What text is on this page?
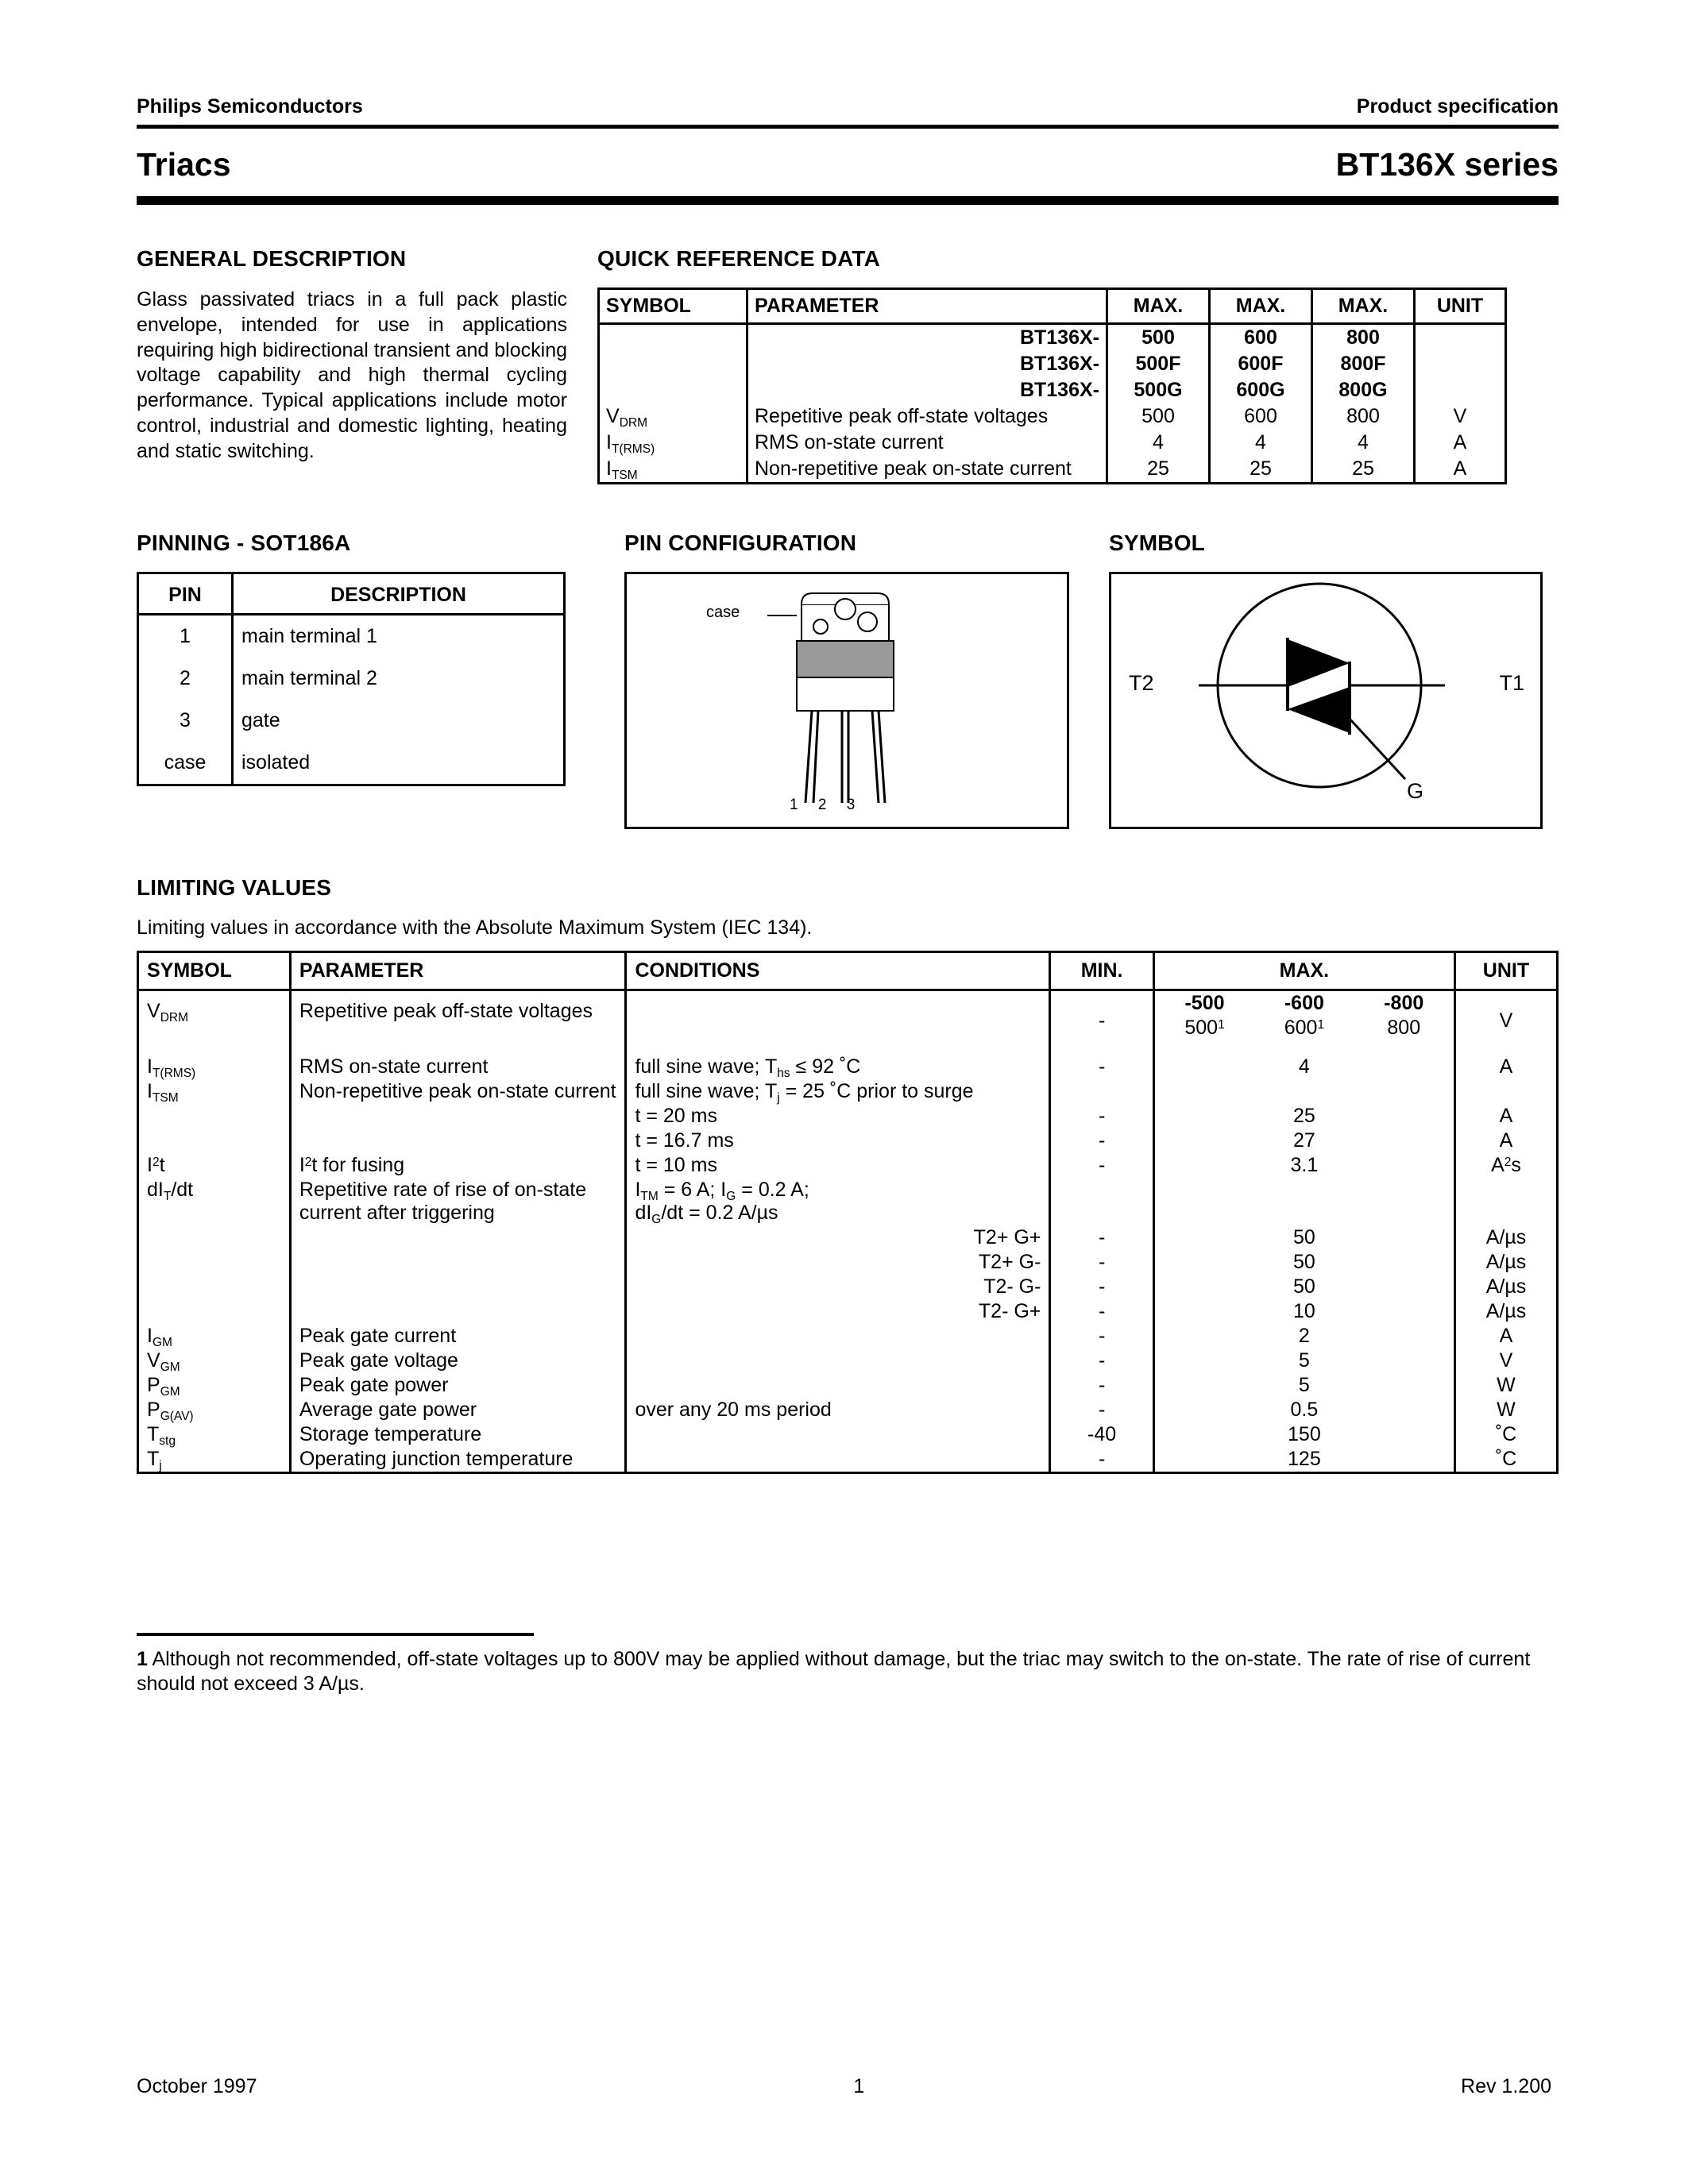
Philips Semiconductors	Product specification
Triacs	BT136X series
GENERAL DESCRIPTION

Glass passivated triacs in a full pack plastic envelope, intended for use in applications requiring high bidirectional transient and blocking voltage capability and high thermal cycling performance. Typical applications include motor control, industrial and domestic lighting, heating and static switching.

QUICK REFERENCE DATA
SYMBOL	PARAMETER	MAX.	MAX.	MAX.	UNIT
	BT136X-	500	600	800	
	BT136X-	500F	600F	800F	
	BT136X-	500G	600G	800G	
$V_{DRM}$	Repetitive peak off-state voltages	500	600	800	V
$I_{T(RMS)}$	RMS on-state current	4	4	4	A
$I_{TSM}$	Non-repetitive peak on-state current	25	25	25	A
PINNING - SOT186A
PIN	DESCRIPTION
1	main terminal 1
2	main terminal 2
3	gate
case	isolated
PIN CONFIGURATION
case
1 2 3
SYMBOL
T2	T1
G
LIMITING VALUES

Limiting values in accordance with the Absolute Maximum System (IEC 134).

SYMBOL	PARAMETER	CONDITIONS	MIN.	MAX.			UNIT
$V_{DRM}$	Repetitive peak off-state voltages		-	-500	-600	-800	V
				$500^1$	$600^1$	800	
$I_{T(RMS)}$	RMS on-state current	full sine wave; $T_{hs} \le 92$ ˚C	-	4			A
$I_{TSM}$	Non-repetitive peak on-state current	full sine wave; $T_j = 25$ ˚C prior to surge					
		t = 20 ms	-	25			A
		t = 16.7 ms	-	27			A
$I^2t$	$I^2t$ for fusing	t = 10 ms	-	3.1			$A^2s$
$dI_T/dt$	Repetitive rate of rise of on-state current after triggering	$I_{TM} = 6$ A; $I_G = 0.2$ A;
$dI_G/dt = 0.2$ A/µs					

		T2+ G+	-	50			A/µs
		T2+ G-	-	50			A/µs
		T2- G-	-	50			A/µs
		T2- G+	-	10			A/µs
$I_{GM}$	Peak gate current		-	2			A
$V_{GM}$	Peak gate voltage		-	5			V
$P_{GM}$	Peak gate power		-	5			W
$P_{G(AV)}$	Average gate power	over any 20 ms period	-	0.5			W
$T_{stg}$	Storage temperature		-40	150			˚C
$T_j$	Operating junction temperature		-	125			˚C
1 Although not recommended, off-state voltages up to 800V may be applied without damage, but the triac may switch to the on-state. The rate of rise of current should not exceed 3 A/µs.
October 1997	1	Rev 1.200
